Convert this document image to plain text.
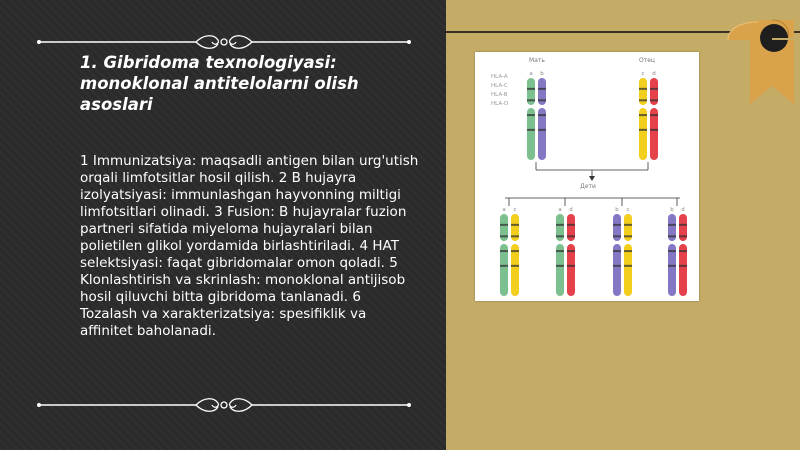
1. Gibridoma texnologiyasi: monoklonal antitelolarni olish asoslari

1 Immunizatsiya: maqsadli antigen bilan urg'utish orqali limfotsitlar hosil qilish. 2 B hujayra izolyatsiyasi: immunlashgan hayvonning miltigi limfotsitlari olinadi. 3 Fusion: B hujayralar fuzion partneri sifatida miyeloma hujayralari bilan polietilen glikol yordamida birlashtiriladi. 4 HAT selektsiyasi: faqat gibridomalar omon qoladi. 5 Klonlashtirish va skrinlash: monoklonal antijisob hosil qiluvchi bitta gibridoma tanlanadi. 6 Tozalash va xarakterizatsiya: spesifiklik va affinitet baholanadi.

Мать	Отец
HLA-A
HLA-C
HLA-B
HLA-D
Дети
a b	c d
a c	a d	b c	b d
